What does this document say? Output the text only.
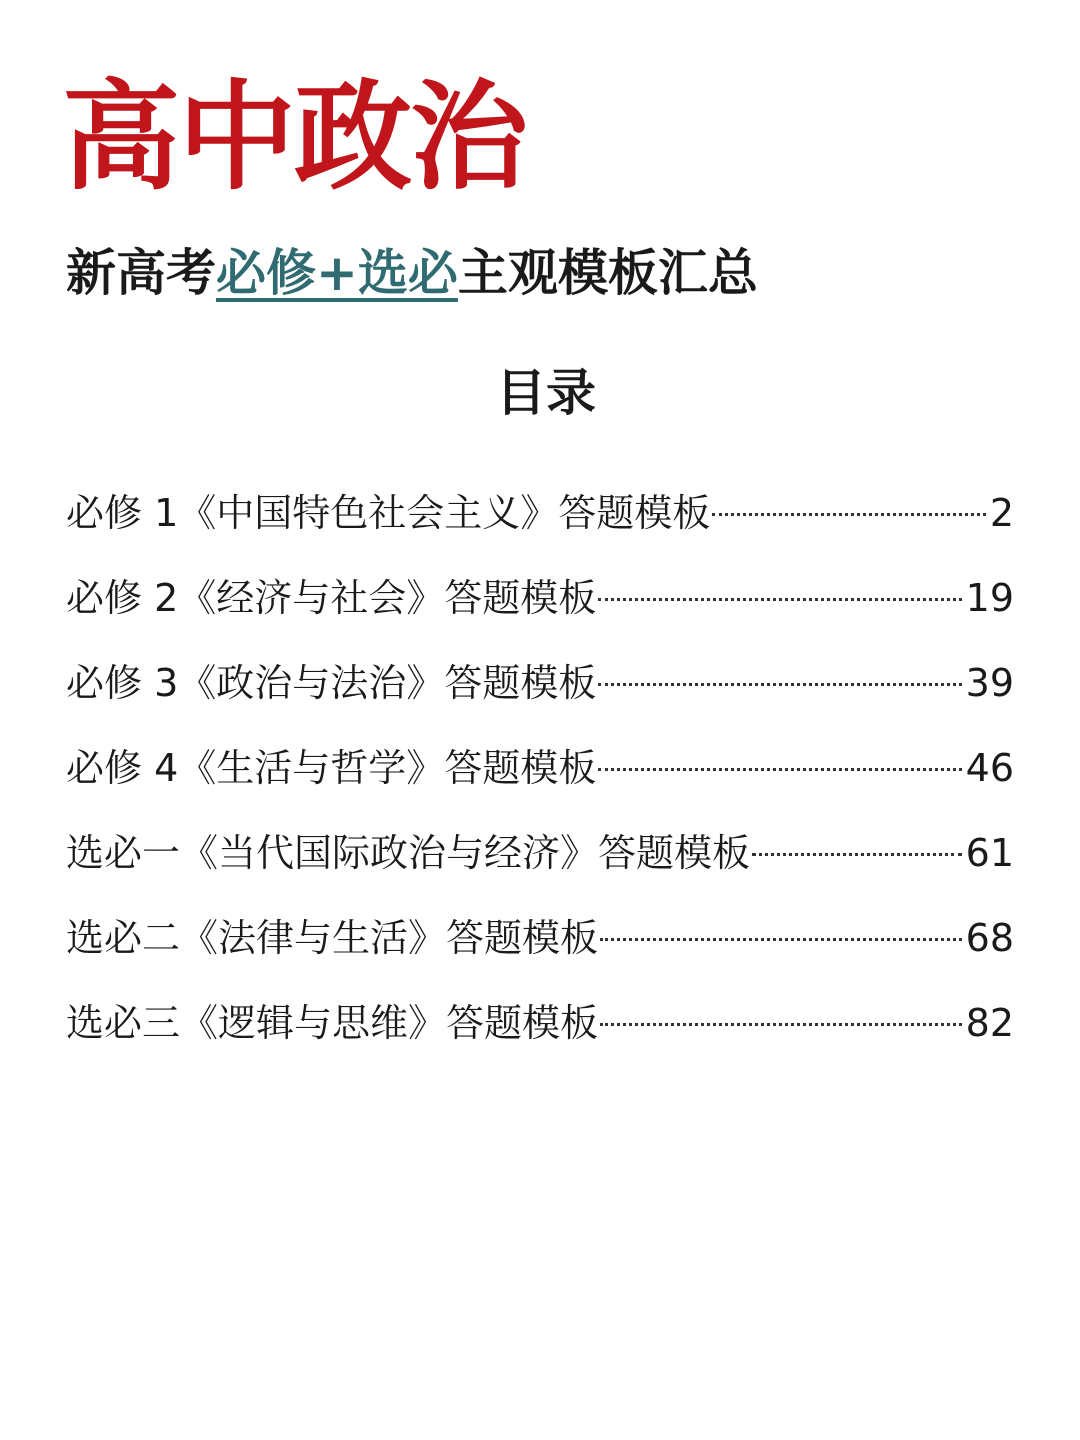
高中政治
新高考必修+选必主观模板汇总
目录
必修 1《中国特色社会主义》答题模板	2
必修 2《经济与社会》答题模板	19
必修 3《政治与法治》答题模板	39
必修 4《生活与哲学》答题模板	46
选必一《当代国际政治与经济》答题模板	61
选必二《法律与生活》答题模板	68
选必三《逻辑与思维》答题模板	82
